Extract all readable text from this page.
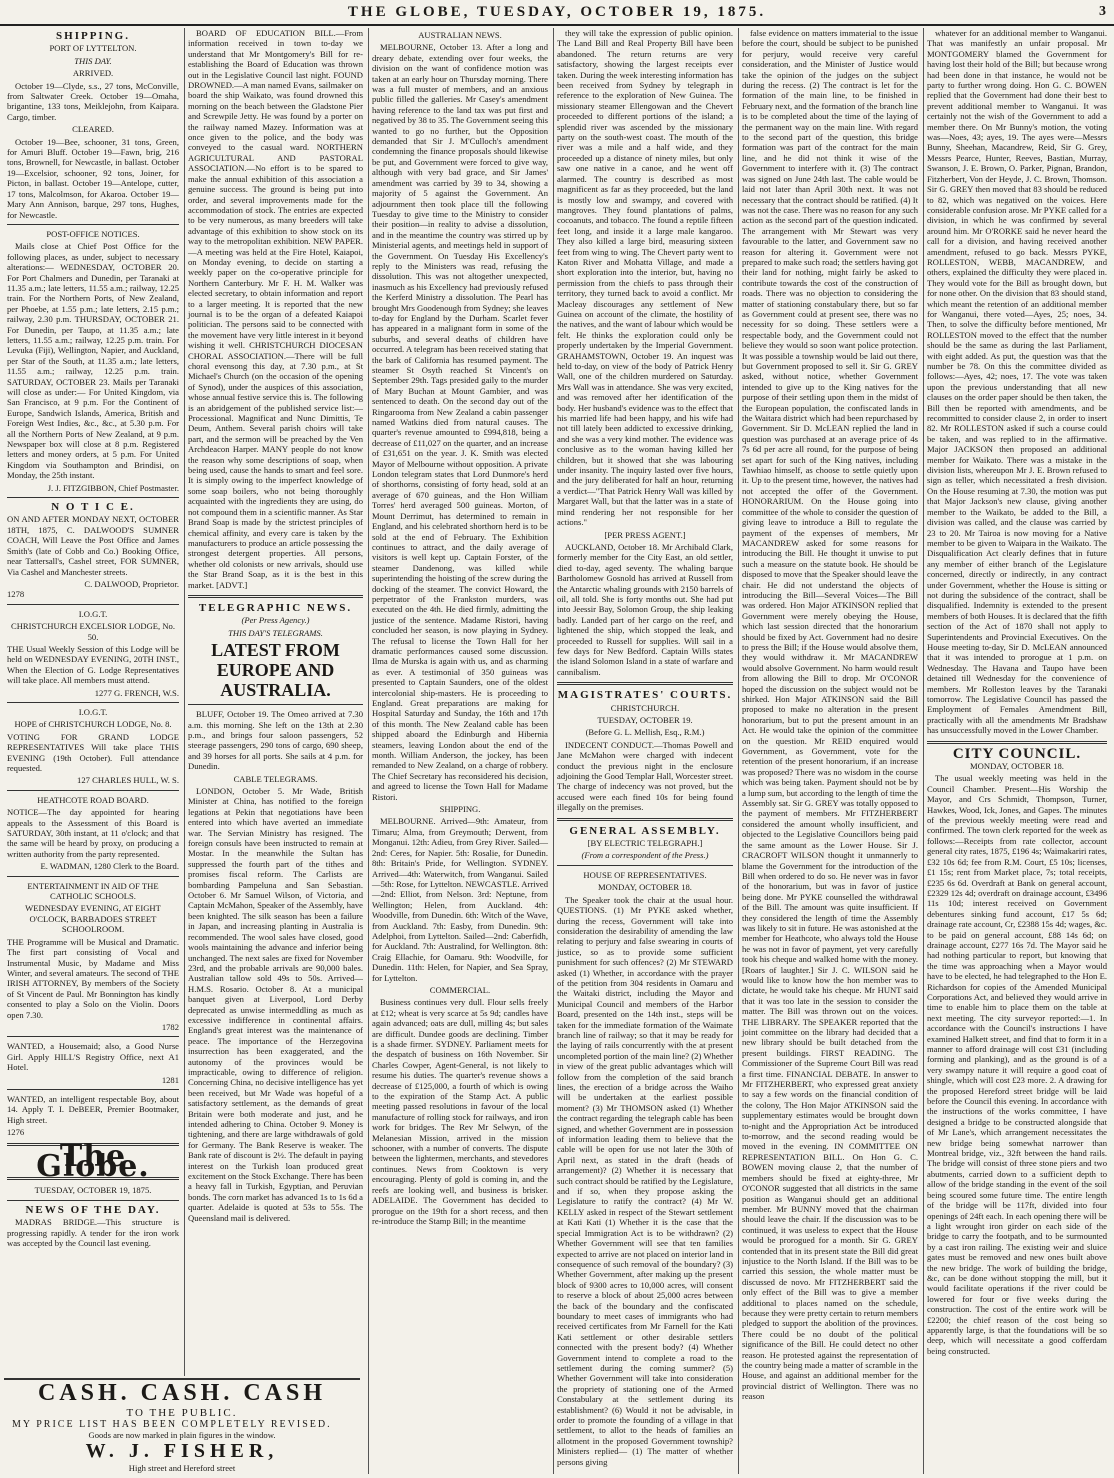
THE GLOBE, TUESDAY, OCTOBER 19, 1875.	3
SHIPPING.
PORT OF LYTTELTON.
THIS DAY.
ARRIVED.

October 19—Clyde, s.s., 27 tons, McConville, from Saltwater Creek. October 19—Omaha, brigantine, 133 tons, Meiklejohn, from Kaipara. Cargo, timber.

CLEARED.

October 19—Bee, schooner, 31 tons, Green, for Amuri Bluff. October 19—Fawn, brig, 216 tons, Brownell, for Newcastle, in ballast. October 19—Excelsior, schooner, 92 tons, Joiner, for Picton, in ballast. October 19—Antelope, cutter, 17 tons, Malcolmson, for Akaroa. October 19—Mary Ann Annison, barque, 297 tons, Hughes, for Newcastle.

POST-OFFICE NOTICES.

Mails close at Chief Post Office for the following places, as under, subject to necessary alterations:— WEDNESDAY, OCTOBER 20. For Port Chalmers and Dunedin, per Taranaki at 11.35 a.m.; late letters, 11.55 a.m.; railway, 12.25 train. For the Northern Ports, of New Zealand, per Phoebe, at 1.55 p.m.; late letters, 2.15 p.m.; railway, 2.30 p.m. THURSDAY, OCTOBER 21. For Dunedin, per Taupo, at 11.35 a.m.; late letters, 11.55 a.m.; railway, 12.25 p.m. train. For Levuka (Fiji), Wellington, Napier, and Auckland, per Star of the South, at 11.35 a.m.; late letters, 11.55 a.m.; railway, 12.25 p.m. train. SATURDAY, OCTOBER 23. Mails per Taranaki will close as under:— For United Kingdom, via San Francisco, at 9 p.m. For the Continent of Europe, Sandwich Islands, America, British and Foreign West Indies, &c., &c., at 5.30 p.m. For all the Northern Ports of New Zealand, at 9 p.m. Newspaper box will close at 8 p.m. Registered letters and money orders, at 5 p.m. For United Kingdom via Southampton and Brindisi, on Monday, the 25th instant.

J. J. FITZGIBBON, Chief Postmaster.
N O T I C E.

ON AND AFTER MONDAY NEXT, OCTOBER 18TH, 1875, C. DALWOOD'S SUMNER COACH, Will Leave the Post Office and James Smith's (late of Cobb and Co.) Booking Office, near Tattersall's, Cashel street, FOR SUMNER, Via Cashel and Manchester streets.

C. DALWOOD, Proprietor.
1278
I.O.G.T.
CHRISTCHURCH EXCELSIOR LODGE, No. 50.

THE Usual Weekly Session of this Lodge will be held on WEDNESDAY EVENING, 20TH INST., When the Election of G. Lodge Representatives will take place. All members must attend.

1277 G. FRENCH, W.S.
I.O.G.T.
HOPE of CHRISTCHURCH LODGE, No. 8.

VOTING FOR GRAND LODGE REPRESENTATIVES Will take place THIS EVENING (19th October). Full attendance requested.

127 CHARLES HULL, W. S.
HEATHCOTE ROAD BOARD.

NOTICE—The day appointed for hearing appeals to the Assessment of this Board is SATURDAY, 30th instant, at 11 o'clock; and that the same will be heard by proxy, on producing a written authority from the party represented.

E. WADMAN, 1280 Clerk to the Board.
ENTERTAINMENT IN AID OF THE CATHOLIC SCHOOLS.
WEDNESDAY EVENING, AT EIGHT O'CLOCK, BARBADOES STREET SCHOOLROOM.

THE Programme will be Musical and Dramatic. The first part consisting of Vocal and Instrumental Music, by Madame and Miss Winter, and several amateurs. The second of THE IRISH ATTORNEY, By members of the Society of St Vincent de Paul. Mr Bonnington has kindly consented to play a Solo on the Violin. Doors open 7.30.

1782

WANTED, a Housemaid; also, a Good Nurse Girl. Apply HILL'S Registry Office, next A1 Hotel.

1281

WANTED, an intelligent respectable Boy, about 14. Apply T. I. DeBEER, Premier Bootmaker, High street.

1276
The Globe.
TUESDAY, OCTOBER 19, 1875.
NEWS OF THE DAY.

MADRAS BRIDGE.—This structure is progressing rapidly. A tender for the iron work was accepted by the Council last evening.

BOARD OF EDUCATION BILL.—From information received in town to-day we understand that Mr Montgomery's Bill for re-establishing the Board of Education was thrown out in the Legislative Council last night. FOUND DROWNED.—A man named Evans, sailmaker on board the ship Waikato, was found drowned this morning on the beach between the Gladstone Pier and Screwpile Jetty. He was found by a porter on the railway named Mazey. Information was at once given to the police, and the body was conveyed to the casual ward. NORTHERN AGRICULTURAL AND PASTORAL ASSOCIATION.—No effort is to be spared to make the annual exhibition of this association a genuine success. The ground is being put into order, and several improvements made for the accommodation of stock. The entries are expected to be very numerous, as many breeders will take advantage of this exhibition to show stock on its way to the metropolitan exhibition. NEW PAPER.—A meeting was held at the Fire Hotel, Kaiapoi, on Monday evening, to decide on starting a weekly paper on the co-operative principle for Northern Canterbury. Mr F. H. M. Walker was elected secretary, to obtain information and report to a larger meeting. It is reported that the new journal is to be the organ of a defeated Kaiapoi politician. The persons said to be connected with the movement have very little interest in it beyond wishing it well. CHRISTCHURCH DIOCESAN CHORAL ASSOCIATION.—There will be full choral evensong this day, at 7.30 p.m., at St Michael's Church (on the occasion of the opening of Synod), under the auspices of this association, whose annual festive service this is. The following is an abridgement of the published service list:—Processional. Magnificat and Nunc Dimittis, Te Deum, Anthem. Several parish choirs will take part, and the sermon will be preached by the Ven Archdeacon Harper. MANY people do not know the reason why some descriptions of soap, when being used, cause the hands to smart and feel sore. It is simply owing to the imperfect knowledge of some soap boilers, who not being thoroughly acquainted with the ingredients they are using, do not compound them in a scientific manner. As Star Brand Soap is made by the strictest principles of chemical affinity, and every care is taken by the manufacturers to produce an article possessing the strongest detergent properties. All persons, whether old colonists or new arrivals, should use the Star Brand Soap, as it is the best in this market. [ADVT.]

TELEGRAPHIC NEWS.
(Per Press Agency.)
THIS DAY'S TELEGRAMS.
LATEST FROM EUROPE AND AUSTRALIA.

BLUFF, October 19. The Omeo arrived at 7.30 a.m. this morning. She left on the 13th at 2.30 p.m., and brings four saloon passengers, 52 steerage passengers, 290 tons of cargo, 690 sheep, and 39 horses for all ports. She sails at 4 p.m. for Dunedin.

CABLE TELEGRAMS.

LONDON, October 5. Mr Wade, British Minister at China, has notified to the foreign legations at Pekin that negotiations have been entered into which have averted an immediate war. The Servian Ministry has resigned. The foreign consuls have been instructed to remain at Mostar. In the meanwhile the Sultan has suppressed the fourth part of the tithes and promises fiscal reform. The Carlists are bombarding Pampeluna and San Sebastian. October 6. Mr Samuel Wilson, of Victoria, and Captain McMahon, Speaker of the Assembly, have been knighted. The silk season has been a failure in Japan, and increasing planting in Australia is recommended. The wool sales have closed, good wools maintaining the advance and inferior being unchanged. The next sales are fixed for November 23rd, and the probable arrivals are 90,000 bales. Australian tallow sold 49s to 50s. Arrived—H.M.S. Rosario. October 8. At a municipal banquet given at Liverpool, Lord Derby deprecated as unwise intermeddling as much as excessive indifference in continental affairs. England's great interest was the maintenance of peace. The importance of the Herzegovina insurrection has been exaggerated, and the autonomy of the provinces would be impracticable, owing to difference of religion. Concerning China, no decisive intelligence has yet been received, but Mr Wade was hopeful of a satisfactory settlement, as the demands of great Britain were both moderate and just, and he intended adhering to China. October 9. Money is tightening, and there are large withdrawals of gold for Germany. The Bank Reserve is weaker. The Bank rate of discount is 2½. The default in paying interest on the Turkish loan produced great excitement on the Stock Exchange. There has been a heavy fall in Turkish, Egyptian, and Peruvian bonds. The corn market has advanced 1s to 1s 6d a quarter. Adelaide is quoted at 53s to 55s. The Queensland mail is delivered.

AUSTRALIAN NEWS.

MELBOURNE, October 13. After a long and dreary debate, extending over four weeks, the division on the want of confidence motion was taken at an early hour on Thursday morning. There was a full muster of members, and an anxious public filled the galleries. Mr Casey's amendment having reference to the land tax was put first and negatived by 38 to 35. The Government seeing this wanted to go no further, but the Opposition demanded that Sir J. M'Culloch's amendment condemning the finance proposals should likewise be put, and Government were forced to give way, although with very bad grace, and Sir James' amendment was carried by 39 to 34, showing a majority of 5 against the Government. An adjournment then took place till the following Tuesday to give time to the Ministry to consider their position—in reality to advise a dissolution, and in the meantime the country was stirred up by Ministerial agents, and meetings held in support of the Government. On Tuesday His Excellency's reply to the Ministers was read, refusing the dissolution. This was not altogether unexpected, inasmuch as his Excellency had previously refused the Kerferd Ministry a dissolution. The Pearl has brought Mrs Goodenough from Sydney; she leaves to-day for England by the Durham. Scarlet fever has appeared in a malignant form in some of the suburbs, and several deaths of children have occurred. A telegram has been received stating that the bark of California has resumed payment. The steamer St Osyth reached St Vincent's on September 29th. Tags presided gaily to the murder of Mary Buchan at Mount Gambier, and was sentenced to death. On the second day out of the Ringarooma from New Zealand a cabin passenger named Watkins died from natural causes. The quarter's revenue amounted to £994,818, being a decrease of £11,027 on the quarter, and an increase of £31,651 on the year. J. K. Smith was elected Mayor of Melbourne without opposition. A private London telegram states that Lord Dunmore's herd of shorthorns, consisting of forty head, sold at an average of 670 guineas, and the Hon William Torres' herd averaged 500 guineas. Morton, of Mount Derrimut, has determined to remain in England, and his celebrated shorthorn herd is to be sold at the end of February. The Exhibition continues to attract, and the daily average of visitors is well kept up. Captain Forster, of the steamer Dandenong, was killed while superintending the hoisting of the screw during the docking of the steamer. The convict Howard, the perpetrator of the Frankston murders, was executed on the 4th. He died firmly, admitting the justice of the sentence. Madame Ristori, having concluded her season, is now playing in Sydney. The refusal to license the Town Hall for her dramatic performances caused some discussion. Ilma de Murska is again with us, and as charming as ever. A testimonial of 350 guineas was presented to Captain Saunders, one of the oldest intercolonial ship-masters. He is proceeding to England. Great preparations are making for Hospital Saturday and Sunday, the 16th and 17th of this month. The New Zealand cable has been shipped aboard the Edinburgh and Hibernia steamers, leaving London about the end of the month. William Anderson, the jockey, has been remanded to New Zealand, on a charge of robbery. The Chief Secretary has reconsidered his decision, and agreed to license the Town Hall for Madame Ristori.

SHIPPING.

MELBOURNE. Arrived—9th: Amateur, from Timaru; Alma, from Greymouth; Derwent, from Monganui. 12th: Adieu, from Grey River. Sailed—2nd: Ceres, for Napier. 5th: Rosalie, for Dunedin. 8th: Britain's Pride, for Wellington. SYDNEY. Arrived—4th: Waterwitch, from Wanganui. Sailed—5th: Rose, for Lyttelton. NEWCASTLE. Arrived—2nd: Elliot, from Nelson. 3rd: Neptune, from Wellington; Helen, from Auckland. 4th: Woodville, from Dunedin. 6th: Witch of the Wave, from Auckland. 7th: Easby, from Dunedin. 9th: Adelphoi, from Lyttelton. Sailed—2nd: Caberfidh, for Auckland. 7th: Australind, for Wellington. 8th: Craig Ellachie, for Oamaru. 9th: Woodville, for Dunedin. 11th: Helen, for Napier, and Sea Spray, for Lyttelton.

COMMERCIAL.

Business continues very dull. Flour sells freely at £12; wheat is very scarce at 5s 9d; candles have again advanced; oats are dull, milling 4s; but sales are difficult. Dundee goods are declining. Timber is a shade firmer. SYDNEY. Parliament meets for the despatch of business on 16th November. Sir Charles Cowper, Agent-General, is not likely to resume his duties. The quarter's revenue shows a decrease of £125,000, a fourth of which is owing to the expiration of the Stamp Act. A public meeting passed resolutions in favour of the local manufacture of rolling stock for railways, and iron work for bridges. The Rev Mr Selwyn, of the Melanesian Mission, arrived in the mission schooner, with a number of converts. The dispute between the lightermen, merchants, and stevedores continues. News from Cooktown is very encouraging. Plenty of gold is coming in, and the reefs are looking well, and business is brisker. ADELAIDE. The Government has decided to prorogue on the 19th for a short recess, and then re-introduce the Stamp Bill; in the meantime

they will take the expression of public opinion. The Land Bill and Real Property Bill have been abandoned. The return returns are very satisfactory, showing the largest receipts ever taken. During the week interesting information has been received from Sydney by telegraph in reference to the exploration of New Guinea. The missionary steamer Ellengowan and the Chevert proceeded to different portions of the island; a splendid river was ascended by the missionary party on the south-west coast. The mouth of the river was a mile and a half wide, and they proceeded up a distance of ninety miles, but only saw one native in a canoe, and he went off alarmed. The country is described as most magnificent as far as they proceeded, but the land is mostly low and swampy, and covered with mangroves. They found plantations of palms, cocoanuts, and tobacco. The found a reptile fifteen feet long, and inside it a large male kangaroo. They also killed a large bird, measuring sixteen feet from wing to wing. The Chevert party went to Katon River and Mohatta Village, and made a short exploration into the interior, but, having no permission from the chiefs to pass through their territory, they turned back to avoid a conflict. Mr Macleay discourages any settlement of New Guinea on account of the climate, the hostility of the natives, and the want of labour which would be felt. He thinks the exploration could only be properly undertaken by the Imperial Government. GRAHAMSTOWN, October 19. An inquest was held to-day, on view of the body of Patrick Henry Wall, one of the children murdered on Saturday. Mrs Wall was in attendance. She was very excited, and was removed after her identification of the body. Her husband's evidence was to the effect that his married life had been happy, and his wife had not till lately been addicted to excessive drinking, and she was a very kind mother. The evidence was conclusive as to the woman having killed her children, but it showed that she was labouring under insanity. The inquiry lasted over five hours, and the jury deliberated for half an hour, returning a verdict—"That Patrick Henry Wall was killed by Margaret Wall, but that the latter was in a state of mind rendering her not responsible for her actions."

[PER PRESS AGENT.]

AUCKLAND, October 18. Mr Archibald Clark, formerly member for the City East, an old settler, died to-day, aged seventy. The whaling barque Bartholomew Gosnold has arrived at Russell from the Antarctic whaling grounds with 2150 barrels of oil, all told. She is forty months out. She had put into Jeessir Bay, Solomon Group, the ship leaking badly. Landed part of her cargo on the reef, and lightened the ship, which stopped the leak, and proceeded to Russell for supplies. Will sail in a few days for New Bedford. Captain Wills states the island Solomon Island in a state of warfare and cannibalism.

MAGISTRATES' COURTS.
CHRISTCHURCH.
TUESDAY, OCTOBER 19.
(Before G. L. Mellish, Esq., R.M.)

INDECENT CONDUCT.—Thomas Powell and Jane McMahon were charged with indecent conduct the previous night in the enclosure adjoining the Good Templar Hall, Worcester street. The charge of indecency was not proved, but the accused were each fined 10s for being found illegally on the premises.

GENERAL ASSEMBLY.
[BY ELECTRIC TELEGRAPH.]
(From a correspondent of the Press.)
HOUSE OF REPRESENTATIVES.
MONDAY, OCTOBER 18.

The Speaker took the chair at the usual hour. QUESTIONS. (1) Mr PYKE asked whether, during the recess, Government will take into consideration the desirability of amending the law relating to perjury and false swearing in courts of justice, so as to provide some sufficient punishment for such offences? (2) Mr STEWARD asked (1) Whether, in accordance with the prayer of the petition from 304 residents in Oamaru and the Waitaki district, including the Mayor and Municipal Council and members of the Harbor Board, presented on the 14th inst., steps will be taken for the immediate formation of the Waimate branch line of railway; so that it may be ready for the laying of rails concurrently with the at present uncompleted portion of the main line? (2) Whether in view of the great public advantages which will follow from the completion of the said branch lines, the erection of a bridge across the Waiho will be undertaken at the earliest possible moment? (3) Mr THOMSON asked (1) Whether the contract regarding the telegraph cable has been signed, and whether Government are in possession of information leading them to believe that the cable will be open for use not later the 30th of April next, as stated in the draft (heads of arrangement)? (2) Whether it is necessary that such contract should be ratified by the Legislature, and if so, when they propose asking the Legislature to ratify the contract? (4) Mr W. KELLY asked in respect of the Stewart settlement at Kati Kati (1) Whether it is the case that the special Immigration Act is to be withdrawn? (2) Whether Government will see that ten families expected to arrive are not placed on interior land in consequence of such removal of the boundary? (3) Whether Government, after making up the present block of 9300 acres to 10,000 acres, will consent to reserve a block of about 25,000 acres between the back of the boundary and the confiscated boundary to meet cases of immigrants who had received certificates from Mr Farnell for the Kati Kati settlement or other desirable settlers connected with the present body? (4) Whether Government intend to complete a road to the settlement during the coming summer? (5) Whether Government will take into consideration the propriety of stationing one of the Armed Constabulary at the settlement during its establishment? (6) Would it not be advisable, in order to promote the founding of a village in that settlement, to allot to the heads of families an allotment in the proposed Government township? Ministers replied— (1) The matter of whether persons giving

false evidence on matters immaterial to the issue before the court, should be subject to be punished for perjury, would receive very careful consideration, and the Minister of Justice would take the opinion of the judges on the subject during the recess. (2) The contract is let for the formation of the main line, to be finished in February next, and the formation of the branch line is to be completed about the time of the laying of the permanent way on the main line. With regard to the second part of the question, this bridge formation was part of the contract for the main line, and he did not think it wise of the Government to interfere with it. (3) The contract was signed on June 24th last. The cable would be laid not later than April 30th next. It was not necessary that the contract should be ratified. (4) It was not the case. There was no reason for any such action as the second part of the question indicated. The arrangement with Mr Stewart was very favourable to the latter, and Government saw no reason for altering it. Government were not prepared to make such road; the settlers having got their land for nothing, might fairly be asked to contribute towards the cost of the construction of roads. There was no objection to considering the matter of stationing constabulary there, but so far as Government could at present see, there was no necessity for so doing. These settlers were a respectable body, and the Government could not believe they would so soon want police protection. It was possible a township would be laid out there, but Government proposed to sell it. Sir G. GREY asked, without notice, whether Government intended to give up to the King natives for the purpose of their settling upon them in the midst of the European population, the confiscated lands in the Waitara district which had been repurchased by Government. Sir D. McLEAN replied the land in question was purchased at an average price of 4s 7s 6d per acre all round, for the purpose of being set apart for such of the King natives, including Tawhiao himself, as choose to settle quietly upon it. Up to the present time, however, the natives had not accepted the offer of the Government. HONORARIUM. On the House going into committee of the whole to consider the question of giving leave to introduce a Bill to regulate the payment of the expenses of members, Mr MACANDREW asked for some reasons for introducing the Bill. He thought it unwise to put such a measure on the statute book. He should be disposed to move that the Speaker should leave the chair. He did not understand the objects of introducing the Bill—Several Voices—The Bill was ordered. Hon Major ATKINSON replied that Government were merely obeying the House, which last session directed that the honorarium should be fixed by Act. Government had no desire to press the Bill; if the House would absolve them, they would withdraw it. Mr MACANDREW would absolve Government. No harm would result from allowing the Bill to drop. Mr O'CONOR hoped the discussion on the subject would not be shirked. Hon Major ATKINSON said the Bill proposed to make no alteration in the present honorarium, but to put the present amount in an Act. He would take the opinion of the committee on the question. Mr REID enquired would Government, as Government, vote for the retention of the present honorarium, if an increase was proposed? There was no wisdom in the course which was being taken. Payment should not be by a lump sum, but according to the length of time the Assembly sat. Sir G. GREY was totally opposed to the payment of members. Mr FITZHERBERT considered the amount wholly insufficient, and objected to the Legislative Councillors being paid the same amount as the Lower House. Sir J. CRACROFT WILSON thought it unmannerly to blame the Government for the introduction of the Bill when ordered to do so. He never was in favor of the honorarium, but was in favor of justice being done. Mr PYKE counselled the withdrawal of the Bill. The amount was quite insufficient. If they considered the length of time the Assembly was likely to sit in future. He was astonished at the member for Heathcote, who always told the House he was not in favor of payment, yet very carefully took his cheque and walked home with the money. [Roars of laughter.] Sir J. C. WILSON said he would like to know how the hon member was to dictate, he would take his cheque. Mr HUNT said that it was too late in the session to consider the matter. The Bill was thrown out on the voices. THE LIBRARY. The SPEAKER reported that the joint committee on the library had decided that a new library should be built detached from the present buildings. FIRST READING. The Commissioner of the Supreme Court Bill was read a first time. FINANCIAL DEBATE. In answer to Mr FITZHERBERT, who expressed great anxiety to say a few words on the financial condition of the colony, The Hon Major ATKINSON said the supplementary estimates would be brought down to-night and the Appropriation Act be introduced to-morrow, and the second reading would be moved in the evening. IN COMMITTEE ON REPRESENTATION BILL. On Hon G. C. BOWEN moving clause 2, that the number of members should be fixed at eighty-three, Mr O'CONOR suggested that all districts in the same position as Wanganui should get an additional member. Mr BUNNY moved that the chairman should leave the chair. If the discussion was to be continued, it was useless to expect that the House would be prorogued for a month. Sir G. GREY contended that in its present state the Bill did great injustice to the North Island. If the Bill was to be carried this session, the whole matter must be discussed de novo. Mr FITZHERBERT said the only effect of the Bill was to give a member additional to places named on the schedule, because they were pretty certain to return members pledged to support the abolition of the provinces. There could be no doubt of the political significance of the Bill. He could detect no other reason. He protested against the representation of the country being made a matter of scramble in the House, and against an additional member for the provincial district of Wellington. There was no reason

whatever for an additional member to Wanganui. That was manifestly an unfair proposal. Mr MONTGOMERY blamed the Government for having lost their hold of the Bill; but because wrong had been done in that instance, he would not be party to further wrong doing. Hon G. C. BOWEN replied that the Government had done their best to prevent additional member to Wanganui. It was certainly not the wish of the Government to add a member there. On Mr Bunny's motion, the voting was—Noes, 43; ayes, 19. The ayes were—Messrs Bunny, Sheehan, Macandrew, Reid, Sir G. Grey, Messrs Pearce, Hunter, Reeves, Bastian, Murray, Swanson, J. E. Brown, O. Parker, Pignan, Brandon, Fitzherbert, Von der Heyde, J. C. Brown, Thomson. Sir G. GREY then moved that 83 should be reduced to 82, which was negatived on the voices. Here considerable confusion arose. Mr PYKE called for a division, in which he was confirmed by several around him. Mr O'RORKE said he never heard the call for a division, and having received another amendment, refused to go back. Messrs PYKE, ROLLESTON, WEBB, MACANDREW, and others, explained the difficulty they were placed in. They would vote for the Bill as brought down, but for none other. On the division that 83 should stand, which meant the retention of an additional member for Wanganui, there voted—Ayes, 25; noes, 34. Then, to solve the difficulty before mentioned, Mr ROLLESTON moved to the effect that the number should be the same as during the last Parliament, with eight added. As put, the question was that the number be 78. On this the committee divided as follows:—Ayes, 42; noes, 17. The vote was taken upon the previous understanding that all new clauses on the order paper should be then taken, the Bill then be reported with amendments, and be recommitted to consider clause 2, in order to insert 82. Mr ROLLESTON asked if such a course could be taken, and was replied to in the affirmative. Major JACKSON then proposed an additional member for Waikato. There was a mistake in the division lists, whereupon Mr J. E. Brown refused to sign as teller, which necessitated a fresh division. On the House resuming at 7.30, the motion was put that Major Jackson's new clause, giving another member to the Waikato, be added to the Bill, a division was called, and the clause was carried by 23 to 20. Mr Tairoa is now moving for a Native member to be given to Waipara in the Waikato. The Disqualification Act clearly defines that in future any member of either branch of the Legislature concerned, directly or indirectly, in any contract under Government, whether the House is sitting or not during the subsidence of the contract, shall be disqualified. Indemnity is extended to the present members of both Houses. It is declared that the fifth section of the Act of 1870 shall not apply to Superintendents and Provincial Executives. On the House meeting to-day, Sir D. McLEAN announced that it was intended to prorogue at 1 p.m. on Wednesday. The Havana and Taupo have been detained till Wednesday for the convenience of members. Mr Rolleston leaves by the Taranaki tomorrow. The Legislative Council has passed the Employment of Females Amendment Bill, practically with all the amendments Mr Bradshaw has unsuccessfully moved in the Lower Chamber.

CITY COUNCIL.
MONDAY, OCTOBER 18.

The usual weekly meeting was held in the Council Chamber. Present—His Worship the Mayor, and Crs Schmidt, Thompson, Turner, Hawkes, Wood, Ick, Jones, and Gapes. The minutes of the previous weekly meeting were read and confirmed. The town clerk reported for the week as follows:—Receipts from rate collector, account general city rates, 1875, £196 4s; Waimakariri rates, £32 10s 6d; fee from R.M. Court, £5 10s; licenses, £1 15s; rent from Market place, 7s; total receipts, £235 6s 6d. Overdraft at Bank on general account, £2329 12s 4d; overdraft on drainage account, £3496 11s 10d; interest received on Government debentures sinking fund account, £17 5s 6d; drainage rate account, Cr, £2388 15s 4d; wages, &c. to be paid on general account, £88 14s 6d; on drainage account, £277 16s 7d. The Mayor said he had nothing particular to report, but knowing that the time was approaching when a Mayor would have to be elected, he had telegraphed to the Hon E. Richardson for copies of the Amended Municipal Corporations Act, and believed they would arrive in time to enable him to place them on the table at next meeting. The city surveyor reported:—1. In accordance with the Council's instructions I have examined Halkett street, and find that to form it in a manner to afford drainage will cost £31 (including forming and planking), and as the ground is of a very swampy nature it will require a good coat of shingle, which will cost £23 more. 2. A drawing for the proposed Hereford street bridge will be laid before the Council this evening. In accordance with the instructions of the works committee, I have designed a bridge to be constructed alongside that of Mr Lane's, which arrangement necessitates the new bridge being somewhat narrower than Montreal bridge, viz., 32ft between the hand rails. The bridge will consist of three stone piers and two abutments, carried down to a sufficient depth to allow of the bridge standing in the event of the soil being scoured some future time. The entire length of the bridge will be 117ft, divided into four openings of 24ft each. In each opening there will be a light wrought iron girder on each side of the bridge to carry the footpath, and to be surmounted by a cast iron railing. The existing weir and sluice gates must be removed and new ones built above the new bridge. The work of building the bridge, &c, can be done without stopping the mill, but it would facilitate operations if the river could be lowered for four or five weeks during the construction. The cost of the entire work will be £2200; the chief reason of the cost being so apparently large, is that the foundations will be so deep, which will necessitate a good cofferdam being constructed.

CASH. CASH. CASH
TO THE PUBLIC.
MY PRICE LIST HAS BEEN COMPLETELY REVISED.
Goods are now marked in plain figures in the window.
W. J. FISHER,
High street and Hereford street
